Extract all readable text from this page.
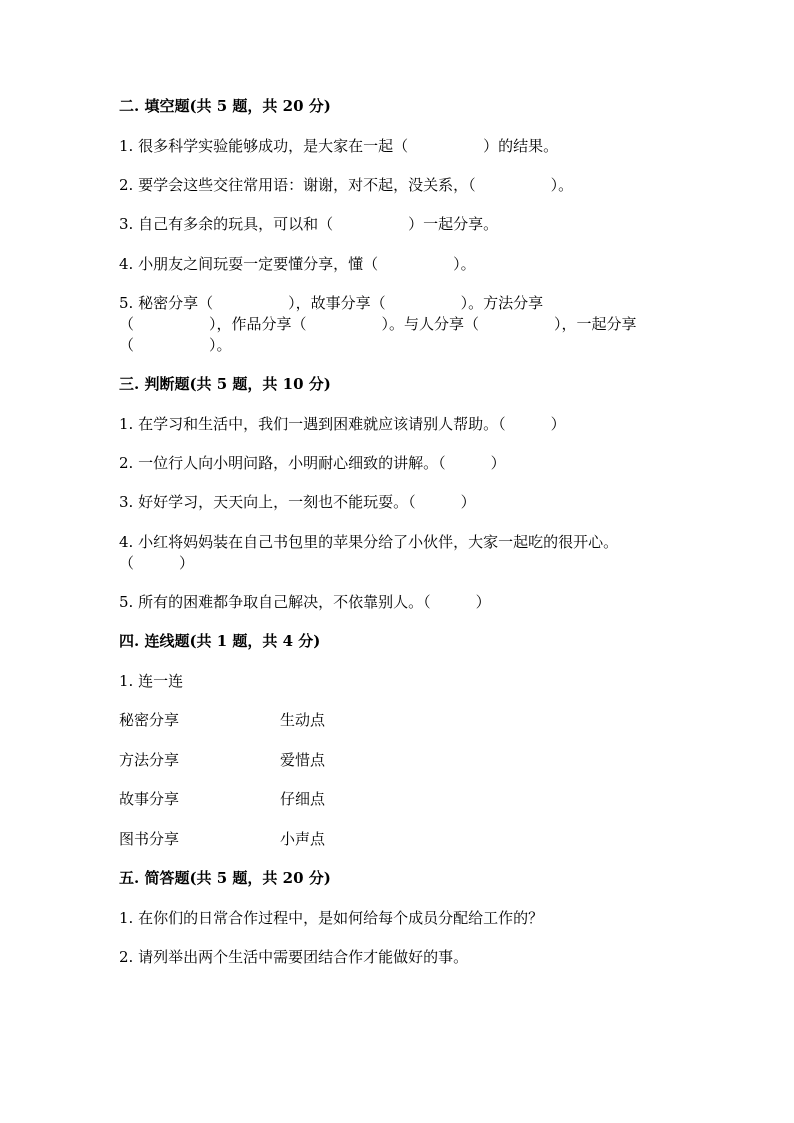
二. 填空题(共 5 题，共 20 分)
1. 很多科学实验能够成功，是大家在一起（　　　　　）的结果。
2. 要学会这些交往常用语：谢谢，对不起，没关系，（　　　　　）。
3. 自己有多余的玩具，可以和（　　　　　）一起分享。
4. 小朋友之间玩耍一定要懂分享，懂（　　　　　）。
5. 秘密分享（　　　　　），故事分享（　　　　　）。方法分享
（　　　　　），作品分享（　　　　　）。与人分享（　　　　　），一起分享
（　　　　　）。
三. 判断题(共 5 题，共 10 分)
1. 在学习和生活中，我们一遇到困难就应该请别人帮助。（　　　）
2. 一位行人向小明问路，小明耐心细致的讲解。（　　　）
3. 好好学习，天天向上，一刻也不能玩耍。（　　　）
4. 小红将妈妈装在自己书包里的苹果分给了小伙伴，大家一起吃的很开心。
（　　　）
5. 所有的困难都争取自己解决，不依靠别人。（　　　）
四. 连线题(共 1 题，共 4 分)
1. 连一连
秘密分享	生动点
方法分享	爱惜点
故事分享	仔细点
图书分享	小声点
五. 简答题(共 5 题，共 20 分)
1. 在你们的日常合作过程中，是如何给每个成员分配给工作的？
2. 请列举出两个生活中需要团结合作才能做好的事。
